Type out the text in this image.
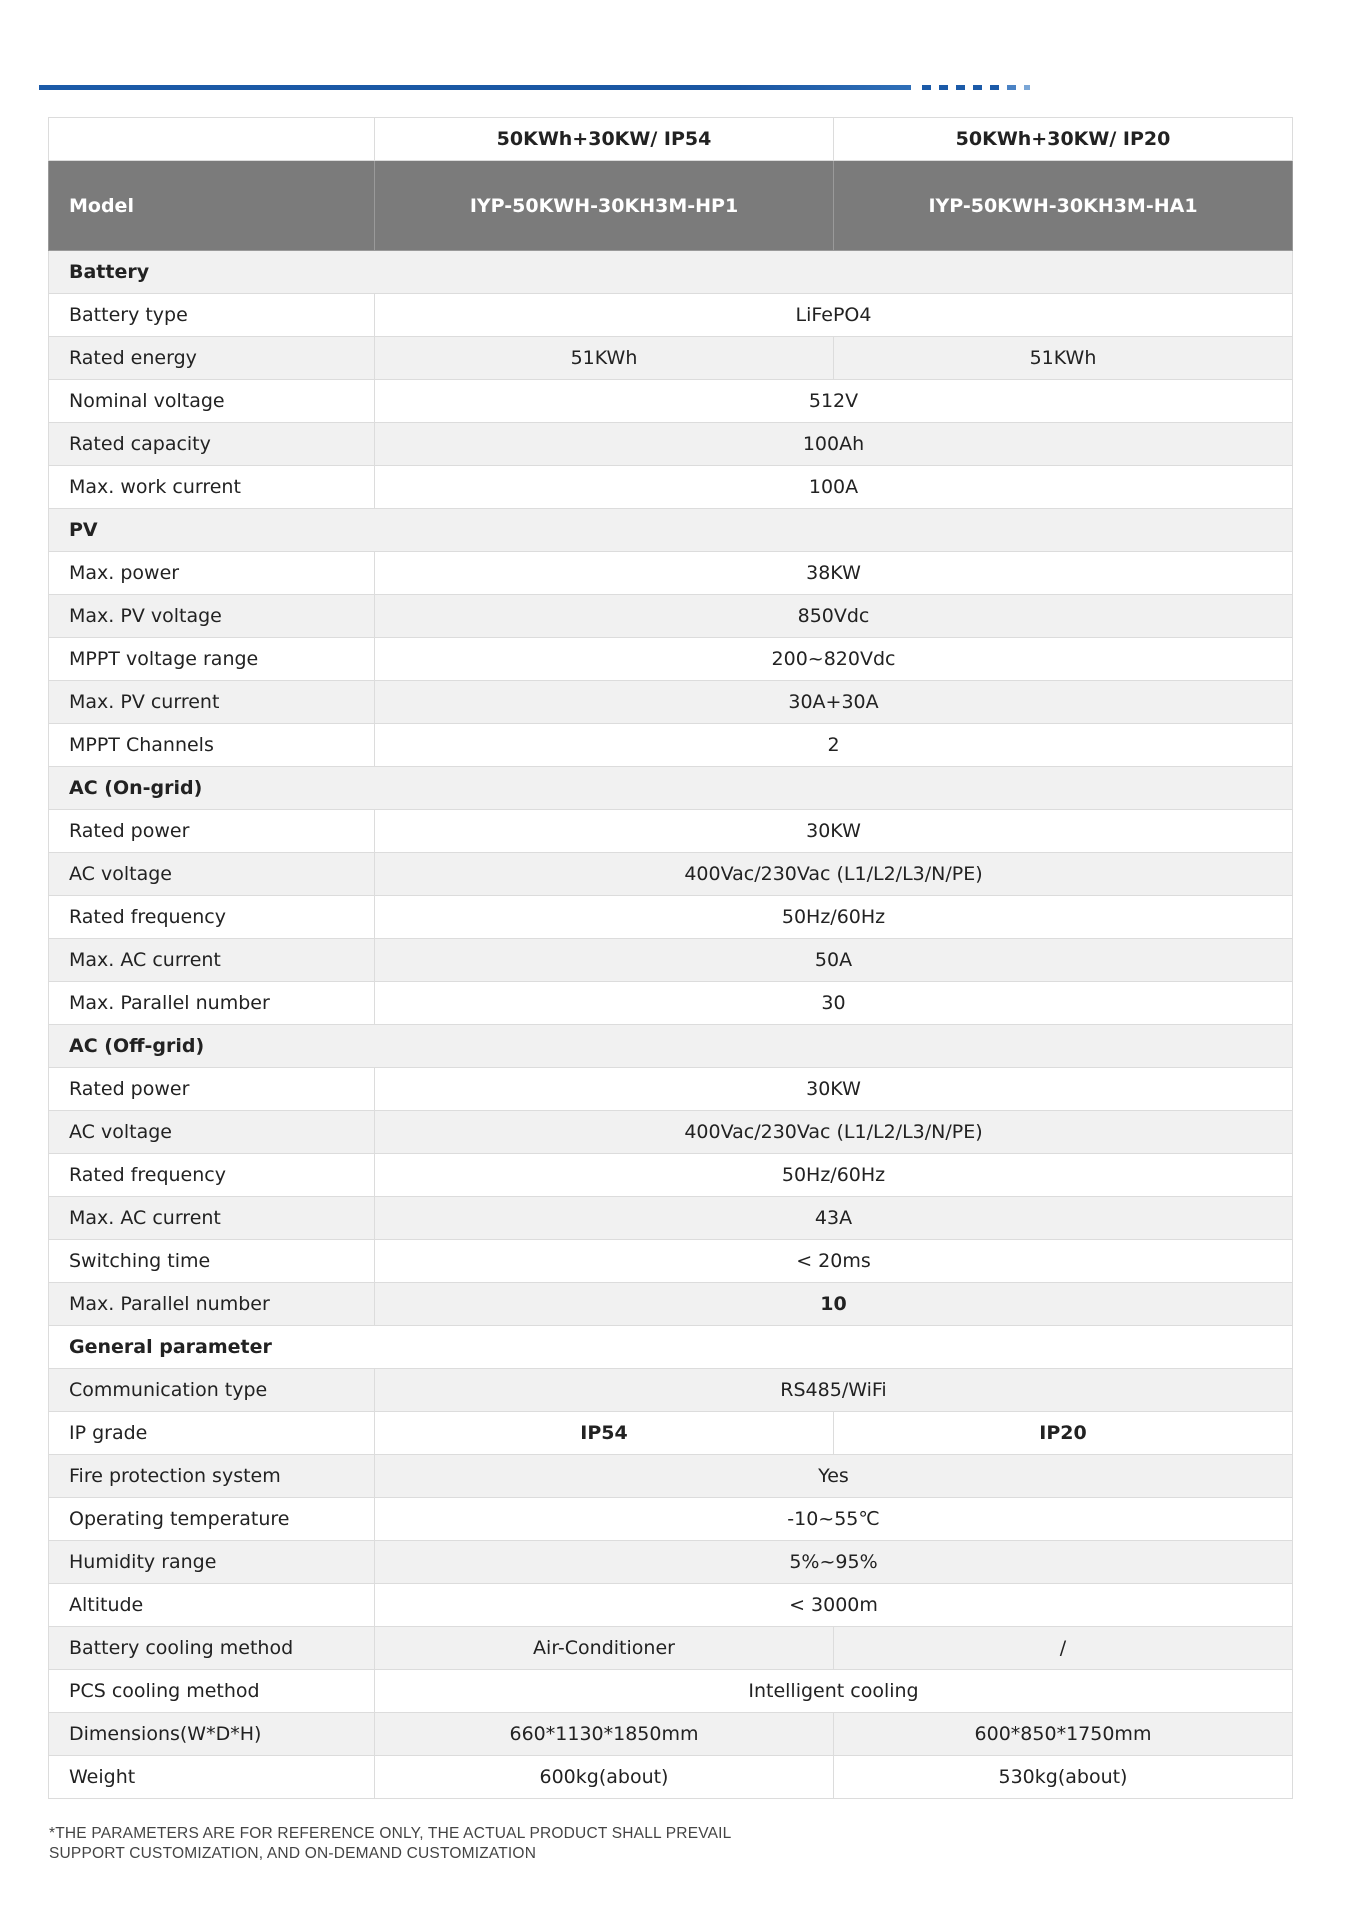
	50KWh+30KW/ IP54	50KWh+30KW/ IP20
Model	IYP-50KWH-30KH3M-HP1	IYP-50KWH-30KH3M-HA1
Battery		
Battery type	LiFePO4	
Rated energy	51KWh	51KWh
Nominal voltage	512V	
Rated capacity	100Ah	
Max. work current	100A	
PV		
Max. power	38KW	
Max. PV voltage	850Vdc	
MPPT voltage range	200~820Vdc	
Max. PV current	30A+30A	
MPPT Channels	2	
AC (On-grid)		
Rated power	30KW	
AC voltage	400Vac/230Vac (L1/L2/L3/N/PE)	
Rated frequency	50Hz/60Hz	
Max. AC current	50A	
Max. Parallel number	30	
AC (Off-grid)		
Rated power	30KW	
AC voltage	400Vac/230Vac (L1/L2/L3/N/PE)	
Rated frequency	50Hz/60Hz	
Max. AC current	43A	
Switching time	< 20ms	
Max. Parallel number	10	
General parameter		
Communication type	RS485/WiFi	
IP grade	IP54	IP20
Fire protection system	Yes	
Operating temperature	-10~55℃	
Humidity range	5%~95%	
Altitude	< 3000m	
Battery cooling method	Air-Conditioner	/
PCS cooling method	Intelligent cooling	
Dimensions(W*D*H)	660*1130*1850mm	600*850*1750mm
Weight	600kg(about)	530kg(about)
*THE PARAMETERS ARE FOR REFERENCE ONLY, THE ACTUAL PRODUCT SHALL PREVAIL
SUPPORT CUSTOMIZATION, AND ON-DEMAND CUSTOMIZATION
